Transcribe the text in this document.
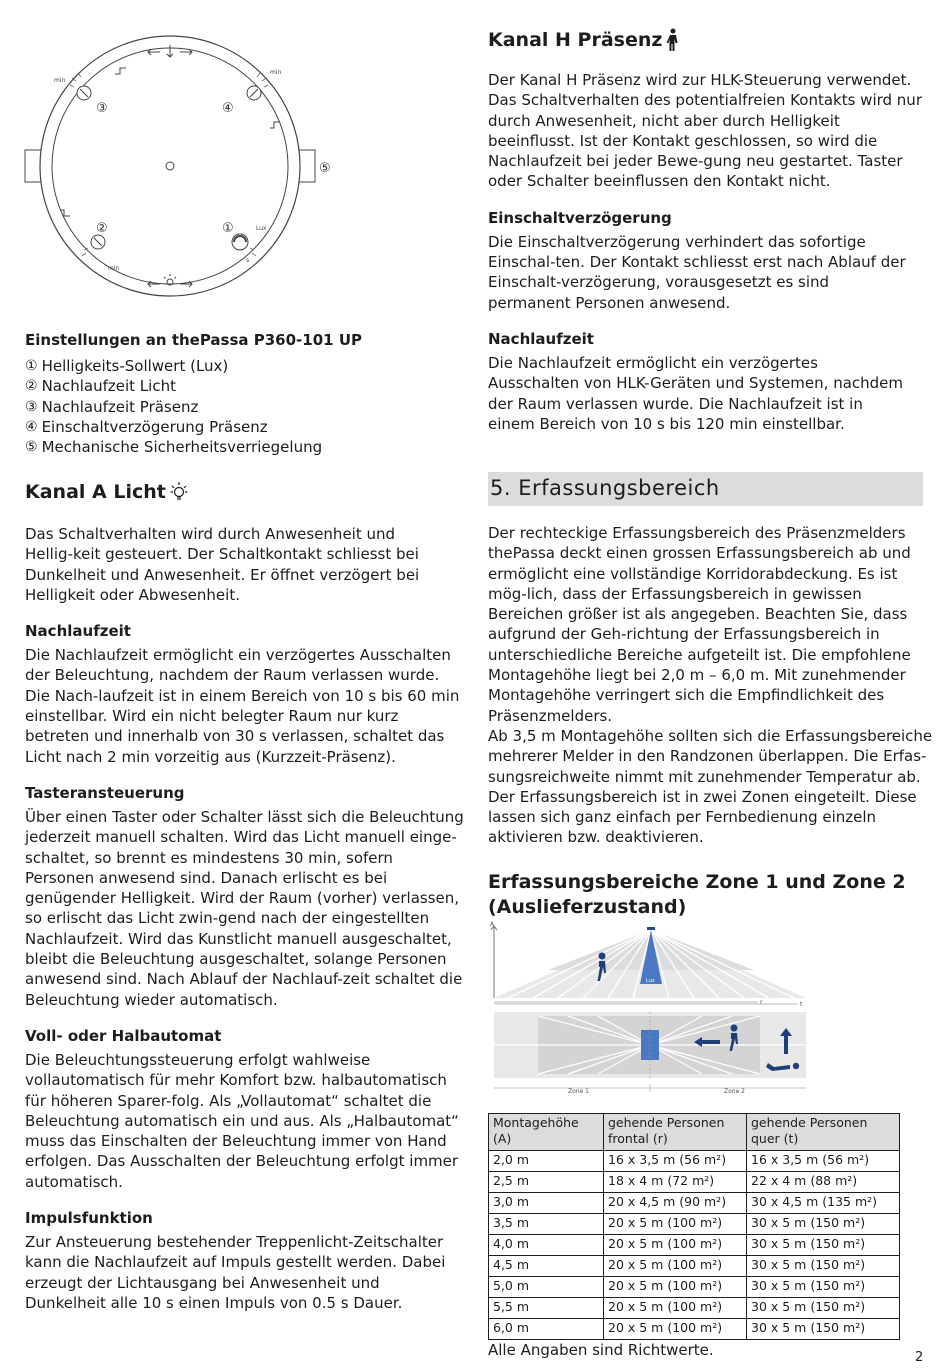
Lux
min
min
min
s
③	④
②	①
⑤
Einstellungen an thePassa P360-101 UP
① Helligkeits-Sollwert (Lux)
② Nachlaufzeit Licht
③ Nachlaufzeit Präsenz
④ Einschaltverzögerung Präsenz
⑤ Mechanische Sicherheitsverriegelung
Kanal A Licht

Das Schaltverhalten wird durch Anwesenheit und Hellig-keit gesteuert. Der Schaltkontakt schliesst bei Dunkelheit und Anwesenheit. Er öffnet verzögert bei Helligkeit oder Abwesenheit.

Nachlaufzeit

Die Nachlaufzeit ermöglicht ein verzögertes Ausschalten der Beleuchtung, nachdem der Raum verlassen wurde. Die Nach-laufzeit ist in einem Bereich von 10 s bis 60 min einstellbar. Wird ein nicht belegter Raum nur kurz betreten und innerhalb von 30 s verlassen, schaltet das Licht nach 2 min vorzeitig aus (Kurzzeit-Präsenz).

Tasteransteuerung

Über einen Taster oder Schalter lässt sich die Beleuchtung jederzeit manuell schalten. Wird das Licht manuell einge-schaltet, so brennt es mindestens 30 min, sofern Personen anwesend sind. Danach erlischt es bei genügender Helligkeit. Wird der Raum (vorher) verlassen, so erlischt das Licht zwin-gend nach der eingestellten Nachlaufzeit. Wird das Kunstlicht manuell ausgeschaltet, bleibt die Beleuchtung ausgeschaltet, solange Personen anwesend sind. Nach Ablauf der Nachlauf-zeit schaltet die Beleuchtung wieder automatisch.

Voll- oder Halbautomat

Die Beleuchtungssteuerung erfolgt wahlweise vollautomatisch für mehr Komfort bzw. halbautomatisch für höheren Sparer-folg. Als „Vollautomat“ schaltet die Beleuchtung automatisch ein und aus. Als „Halbautomat“ muss das Einschalten der Beleuchtung immer von Hand erfolgen. Das Ausschalten der Beleuchtung erfolgt immer automatisch.

Impulsfunktion

Zur Ansteuerung bestehender Treppenlicht-Zeitschalter kann die Nachlaufzeit auf Impuls gestellt werden. Dabei erzeugt der Lichtausgang bei Anwesenheit und Dunkelheit alle 10 s einen Impuls von 0.5 s Dauer.

Kanal H Präsenz

Der Kanal H Präsenz wird zur HLK-Steuerung verwendet. Das Schaltverhalten des potentialfreien Kontakts wird nur durch Anwesenheit, nicht aber durch Helligkeit beeinflusst. Ist der Kontakt geschlossen, so wird die Nachlaufzeit bei jeder Bewe-gung neu gestartet. Taster oder Schalter beeinflussen den Kontakt nicht.

Einschaltverzögerung

Die Einschaltverzögerung verhindert das sofortige Einschal-ten. Der Kontakt schliesst erst nach Ablauf der Einschalt-verzögerung, vorausgesetzt es sind permanent Personen anwesend.

Nachlaufzeit

Die Nachlaufzeit ermöglicht ein verzögertes Ausschalten von HLK-Geräten und Systemen, nachdem der Raum verlassen wurde. Die Nachlaufzeit ist in einem Bereich von 10 s bis 120 min einstellbar.

5. Erfassungsbereich

Der rechteckige Erfassungsbereich des Präsenzmelders thePassa deckt einen grossen Erfassungsbereich ab und ermöglicht eine vollständige Korridorabdeckung. Es ist mög-lich, dass der Erfassungsbereich in gewissen Bereichen größer ist als angegeben. Beachten Sie, dass aufgrund der Geh-richtung der Erfassungsbereich in unterschiedliche Bereiche aufgeteilt ist. Die empfohlene Montagehöhe liegt bei 2,0 m – 6,0 m. Mit zunehmender Montagehöhe verringert sich die Empfindlichkeit des Präsenzmelders.

Ab 3,5 m Montagehöhe sollten sich die Erfassungsbereiche mehrerer Melder in den Randzonen überlappen. Die Erfas-sungsreichweite nimmt mit zunehmender Temperatur ab.

Der Erfassungsbereich ist in zwei Zonen eingeteilt. Diese lassen sich ganz einfach per Fernbedienung einzeln aktivieren bzw. deaktivieren.

Erfassungsbereiche Zone 1 und Zone 2
(Auslieferzustand)
A
Lux
r	t
Zone 1	Zone 2
Montagehöhe (A)	gehende Personen frontal (r)	gehende Personen quer (t)
2,0 m	16 x 3,5 m (56 m²)	16 x 3,5 m (56 m²)
2,5 m	18 x 4 m (72 m²)	22 x 4 m (88 m²)
3,0 m	20 x 4,5 m (90 m²)	30 x 4,5 m (135 m²)
3,5 m	20 x 5 m (100 m²)	30 x 5 m (150 m²)
4,0 m	20 x 5 m (100 m²)	30 x 5 m (150 m²)
4,5 m	20 x 5 m (100 m²)	30 x 5 m (150 m²)
5,0 m	20 x 5 m (100 m²)	30 x 5 m (150 m²)
5,5 m	20 x 5 m (100 m²)	30 x 5 m (150 m²)
6,0 m	20 x 5 m (100 m²)	30 x 5 m (150 m²)
Alle Angaben sind Richtwerte.	2
